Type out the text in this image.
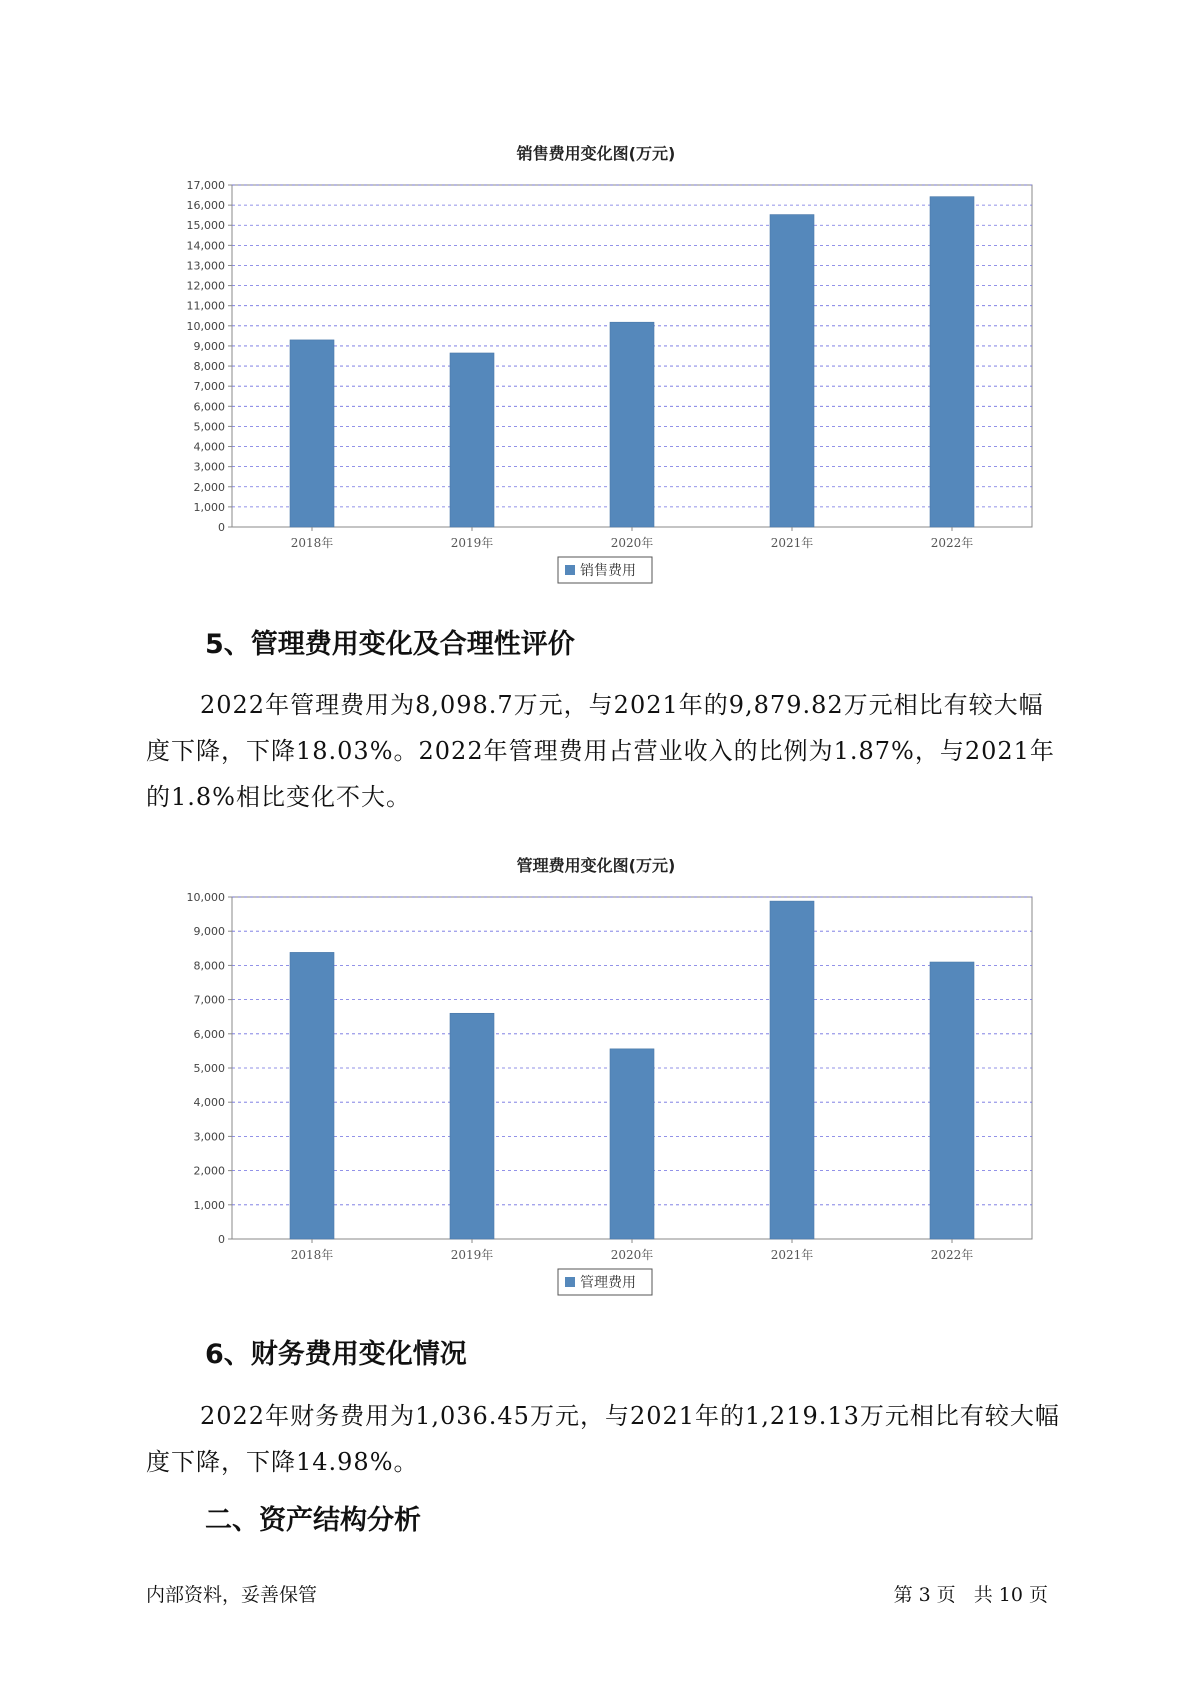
销售费用变化图(万元)
0
1,000
2,000
3,000
4,000
5,000
6,000
7,000
8,000
9,000
10,000
11,000
12,000
13,000
14,000
15,000
16,000
17,000
2018年	2019年	2020年	2021年	2022年
销售费用
5、管理费用变化及合理性评价

2022年管理费用为8,098.7万元，与2021年的9,879.82万元相比有较大幅度下降，下降18.03%。2022年管理费用占营业收入的比例为1.87%，与2021年的1.8%相比变化不大。

管理费用变化图(万元)
0
1,000
2,000
3,000
4,000
5,000
6,000
7,000
8,000
9,000
10,000
2018年	2019年	2020年	2021年	2022年
管理费用
6、财务费用变化情况

2022年财务费用为1,036.45万元，与2021年的1,219.13万元相比有较大幅度下降，下降14.98%。

二、资产结构分析
内部资料，妥善保管	第 3 页 共 10 页
